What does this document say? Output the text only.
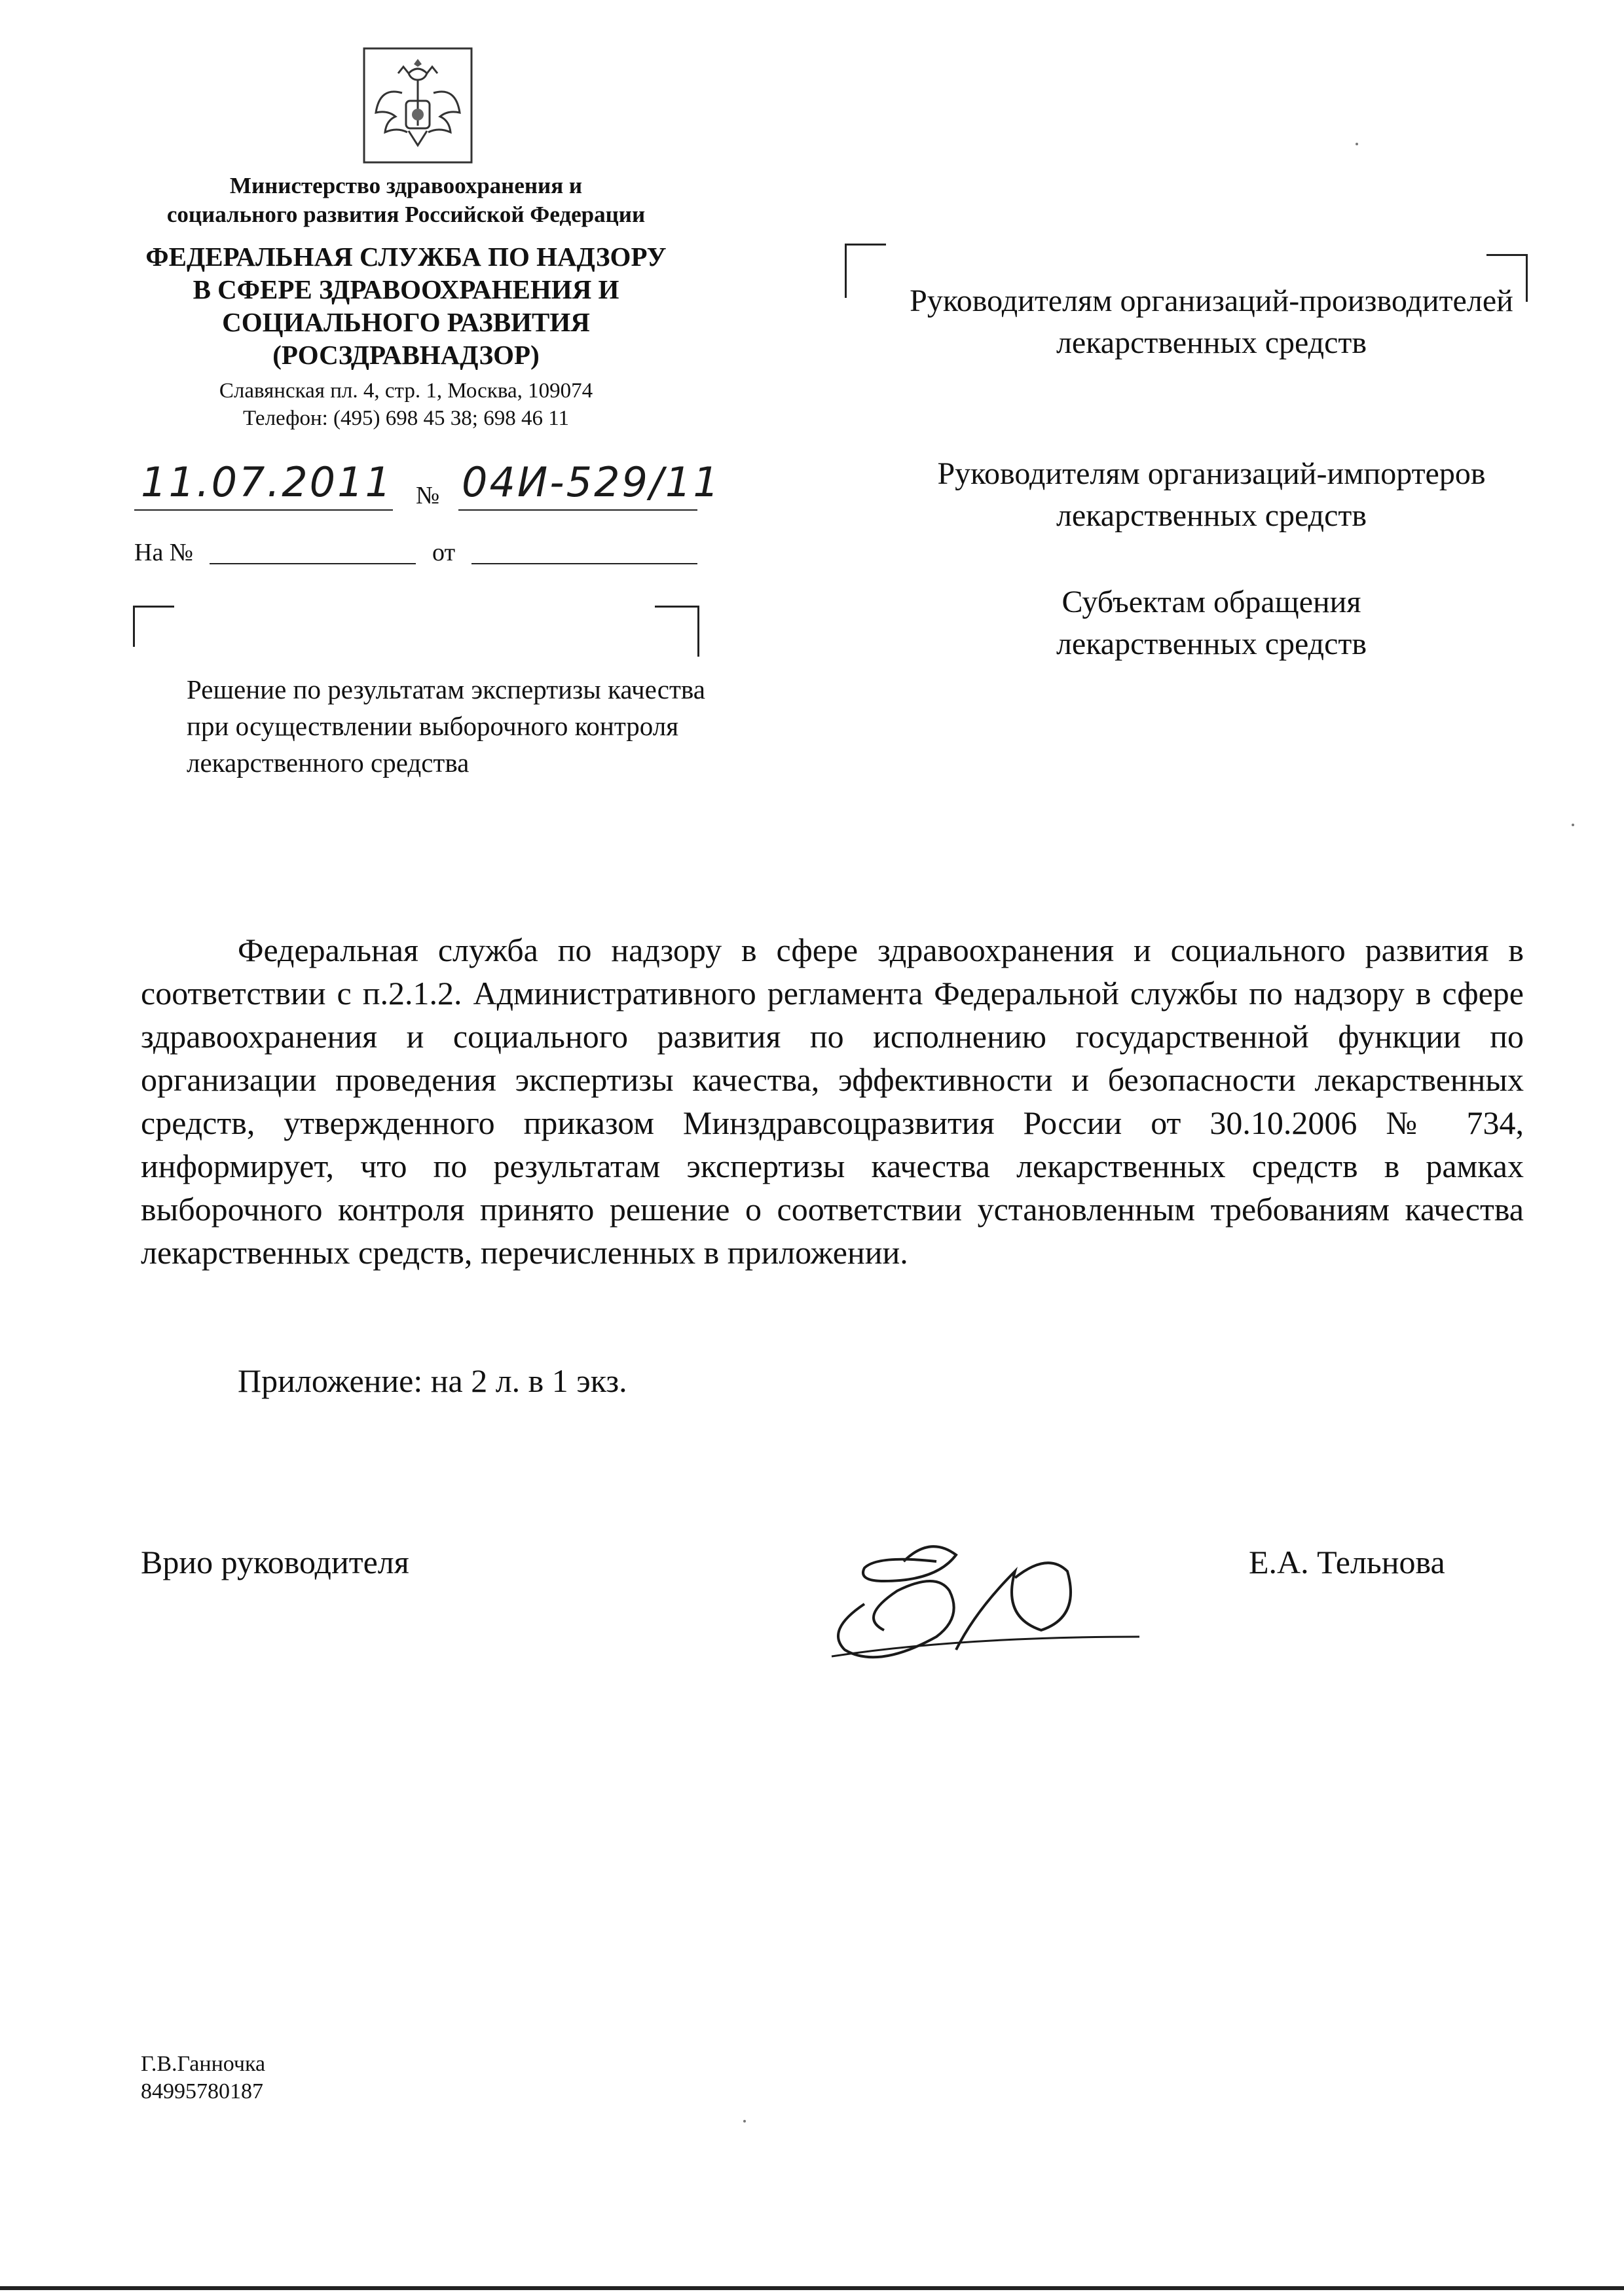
Министерство здравоохранения и
социального развития Российской Федерации
ФЕДЕРАЛЬНАЯ СЛУЖБА ПО НАДЗОРУ
В СФЕРЕ ЗДРАВООХРАНЕНИЯ И
СОЦИАЛЬНОГО РАЗВИТИЯ
(РОСЗДРАВНАДЗОР)
Славянская пл. 4, стр. 1, Москва, 109074
Телефон: (495) 698 45 38; 698 46 11
11.07.2011 № 04И-529/11
На №	от
Решение по результатам экспертизы качества при осуществлении выборочного контроля лекарственного средства
Руководителям организаций-производителей лекарственных средств
Руководителям организаций-импортеров лекарственных средств
Субъектам обращения лекарственных средств
Федеральная служба по надзору в сфере здравоохранения и социального развития в соответствии с п.2.1.2. Административного регламента Федеральной службы по надзору в сфере здравоохранения и социального развития по исполнению государственной функции по организации проведения экспертизы качества, эффективности и безопасности лекарственных средств, утвержденного приказом Минздравсоцразвития России от 30.10.2006 № 734, информирует, что по результатам экспертизы качества лекарственных средств в рамках выборочного контроля принято решение о соответствии установленным требованиям качества лекарственных средств, перечисленных в приложении.
Приложение: на 2 л. в 1 экз.
Врио руководителя	Е.А. Тельнова
Г.В.Ганночка
84995780187
